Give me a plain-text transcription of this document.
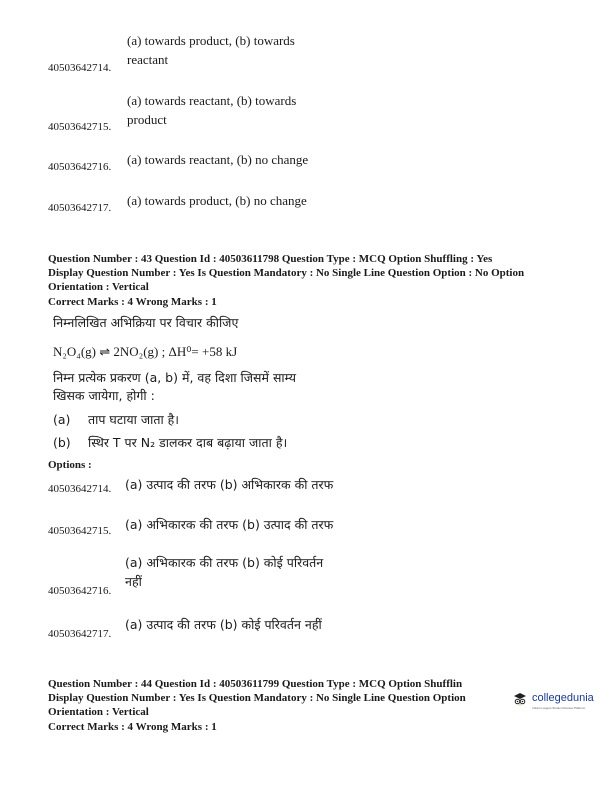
(a) towards product, (b) towards reactant
40503642714.
(a) towards reactant, (b) towards product
40503642715.
40503642716. (a) towards reactant, (b) no change
40503642717. (a) towards product, (b) no change
Question Number : 43 Question Id : 40503611798 Question Type : MCQ Option Shuffling : Yes
Display Question Number : Yes Is Question Mandatory : No Single Line Question Option : No Option
Orientation : Vertical
Correct Marks : 4 Wrong Marks : 1
निम्नलिखित अभिक्रिया पर विचार कीजिए
N₂O₄(g) ⇌ 2NO₂(g) ; ΔH⁰= +58 kJ
निम्न प्रत्येक प्रकरण (a, b) में, वह दिशा जिसमें साम्य
खिसक जायेगा, होगी :
(a) ताप घटाया जाता है।
(b) स्थिर T पर N₂ डालकर दाब बढ़ाया जाता है।
Options :
40503642714. (a) उत्पाद की तरफ (b) अभिकारक की तरफ
40503642715. (a) अभिकारक की तरफ (b) उत्पाद की तरफ
(a) अभिकारक की तरफ (b) कोई परिवर्तन नहीं
40503642716.
(a) उत्पाद की तरफ (b) कोई परिवर्तन नहीं
40503642717.
Question Number : 44 Question Id : 40503611799 Question Type : MCQ Option Shufflin
Display Question Number : Yes Is Question Mandatory : No Single Line Question Option
Orientation : Vertical
Correct Marks : 4 Wrong Marks : 1
collegedunia
India's Largest Student Review Platform
